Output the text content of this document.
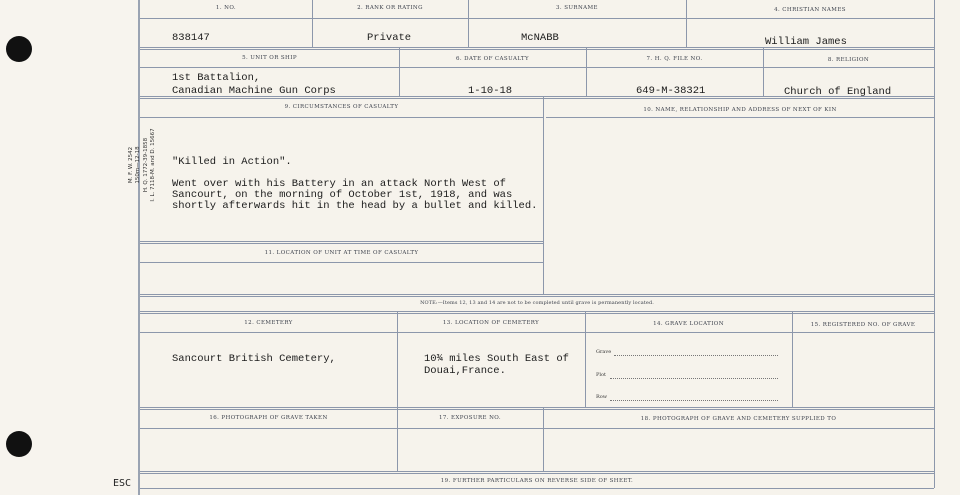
M. F. W. 2542 150m—12-18 H. Q. 1772-39-1858 I. L. 7118-M. and D. 15667
ESC
1. NO.	2. RANK OR RATING	3. SURNAME	4. CHRISTIAN NAMES
838147	Private	McNABB	William James
5. UNIT OR SHIP	6. DATE OF CASUALTY	7. H. Q. FILE NO.	8. RELIGION
1st Battalion,
Canadian Machine Gun Corps	1-10-18	649-M-38321	Church of England
9. CIRCUMSTANCES OF CASUALTY	10. NAME, RELATIONSHIP AND ADDRESS OF NEXT OF KIN
"Killed in Action".
Went over with his Battery in an attack North West of
Sancourt, on the morning of October 1st, 1918, and was
shortly afterwards hit in the head by a bullet and killed.
11. LOCATION OF UNIT AT TIME OF CASUALTY
NOTE:—Items 12, 13 and 14 are not to be completed until grave is permanently located.
12. CEMETERY	13. LOCATION OF CEMETERY	14. GRAVE LOCATION	15. REGISTERED NO. OF GRAVE
Sancourt British Cemetery,	10¾ miles South East of
Douai,France.
Grave
Plot
Row
16. PHOTOGRAPH OF GRAVE TAKEN	17. EXPOSURE NO.	18. PHOTOGRAPH OF GRAVE AND CEMETERY SUPPLIED TO
19. FURTHER PARTICULARS ON REVERSE SIDE OF SHEET.
